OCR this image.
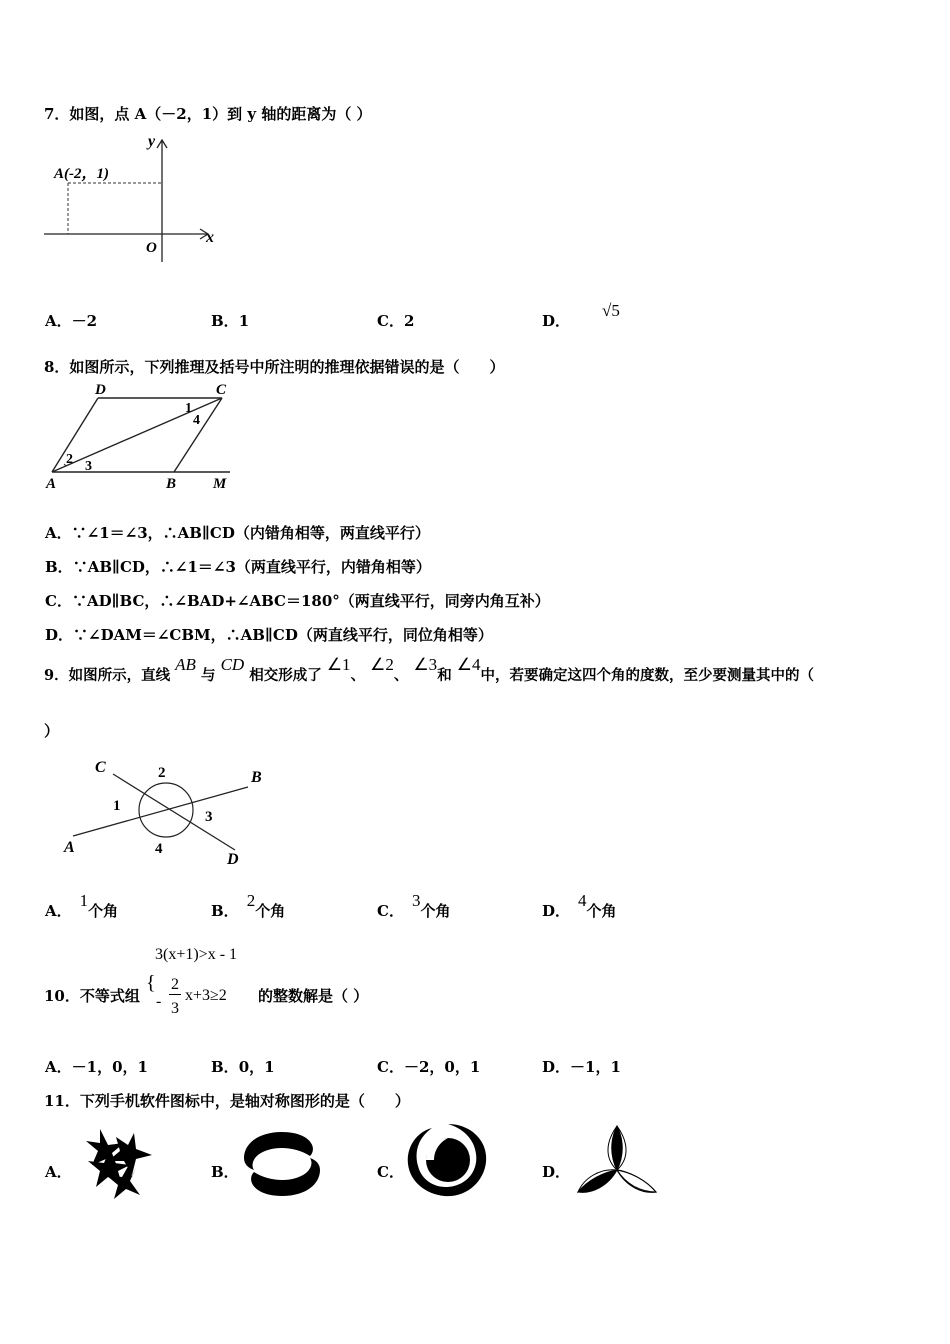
7．如图，点 A（－2，1）到 y 轴的距离为（ ）
A(-2，1)
x
y
O
A．－2	B．1	C．2	D．√5
8．如图所示，下列推理及括号中所注明的推理依据错误的是（　　）
D	C
A	B M
1
2 3
4
A．∵∠1＝∠3，∴AB∥CD（内错角相等，两直线平行）
B．∵AB∥CD，∴∠1＝∠3（两直线平行，内错角相等）
C．∵AD∥BC，∴∠BAD+∠ABC＝180°（两直线平行，同旁内角互补）
D．∵∠DAM＝∠CBM，∴AB∥CD（两直线平行，同位角相等）
9．如图所示，直线 AB 与 CD 相交形成了 ∠1、 ∠2、 ∠3和 ∠4中，若要确定这四个角的度数，至少要测量其中的（
）
C	2	B
1
3
A	4
D
A．1个角	B．2个角	C．3个角	D．4个角
10．不等式组
3(x+1)>x - 1
{
-
2
3
x+3≥2 的整数解是（ ）
A．－1，0，1	B．0，1	C．－2，0，1	D．－1，1
11．下列手机软件图标中，是轴对称图形的是（　　）
A．	B．	C．	D．
